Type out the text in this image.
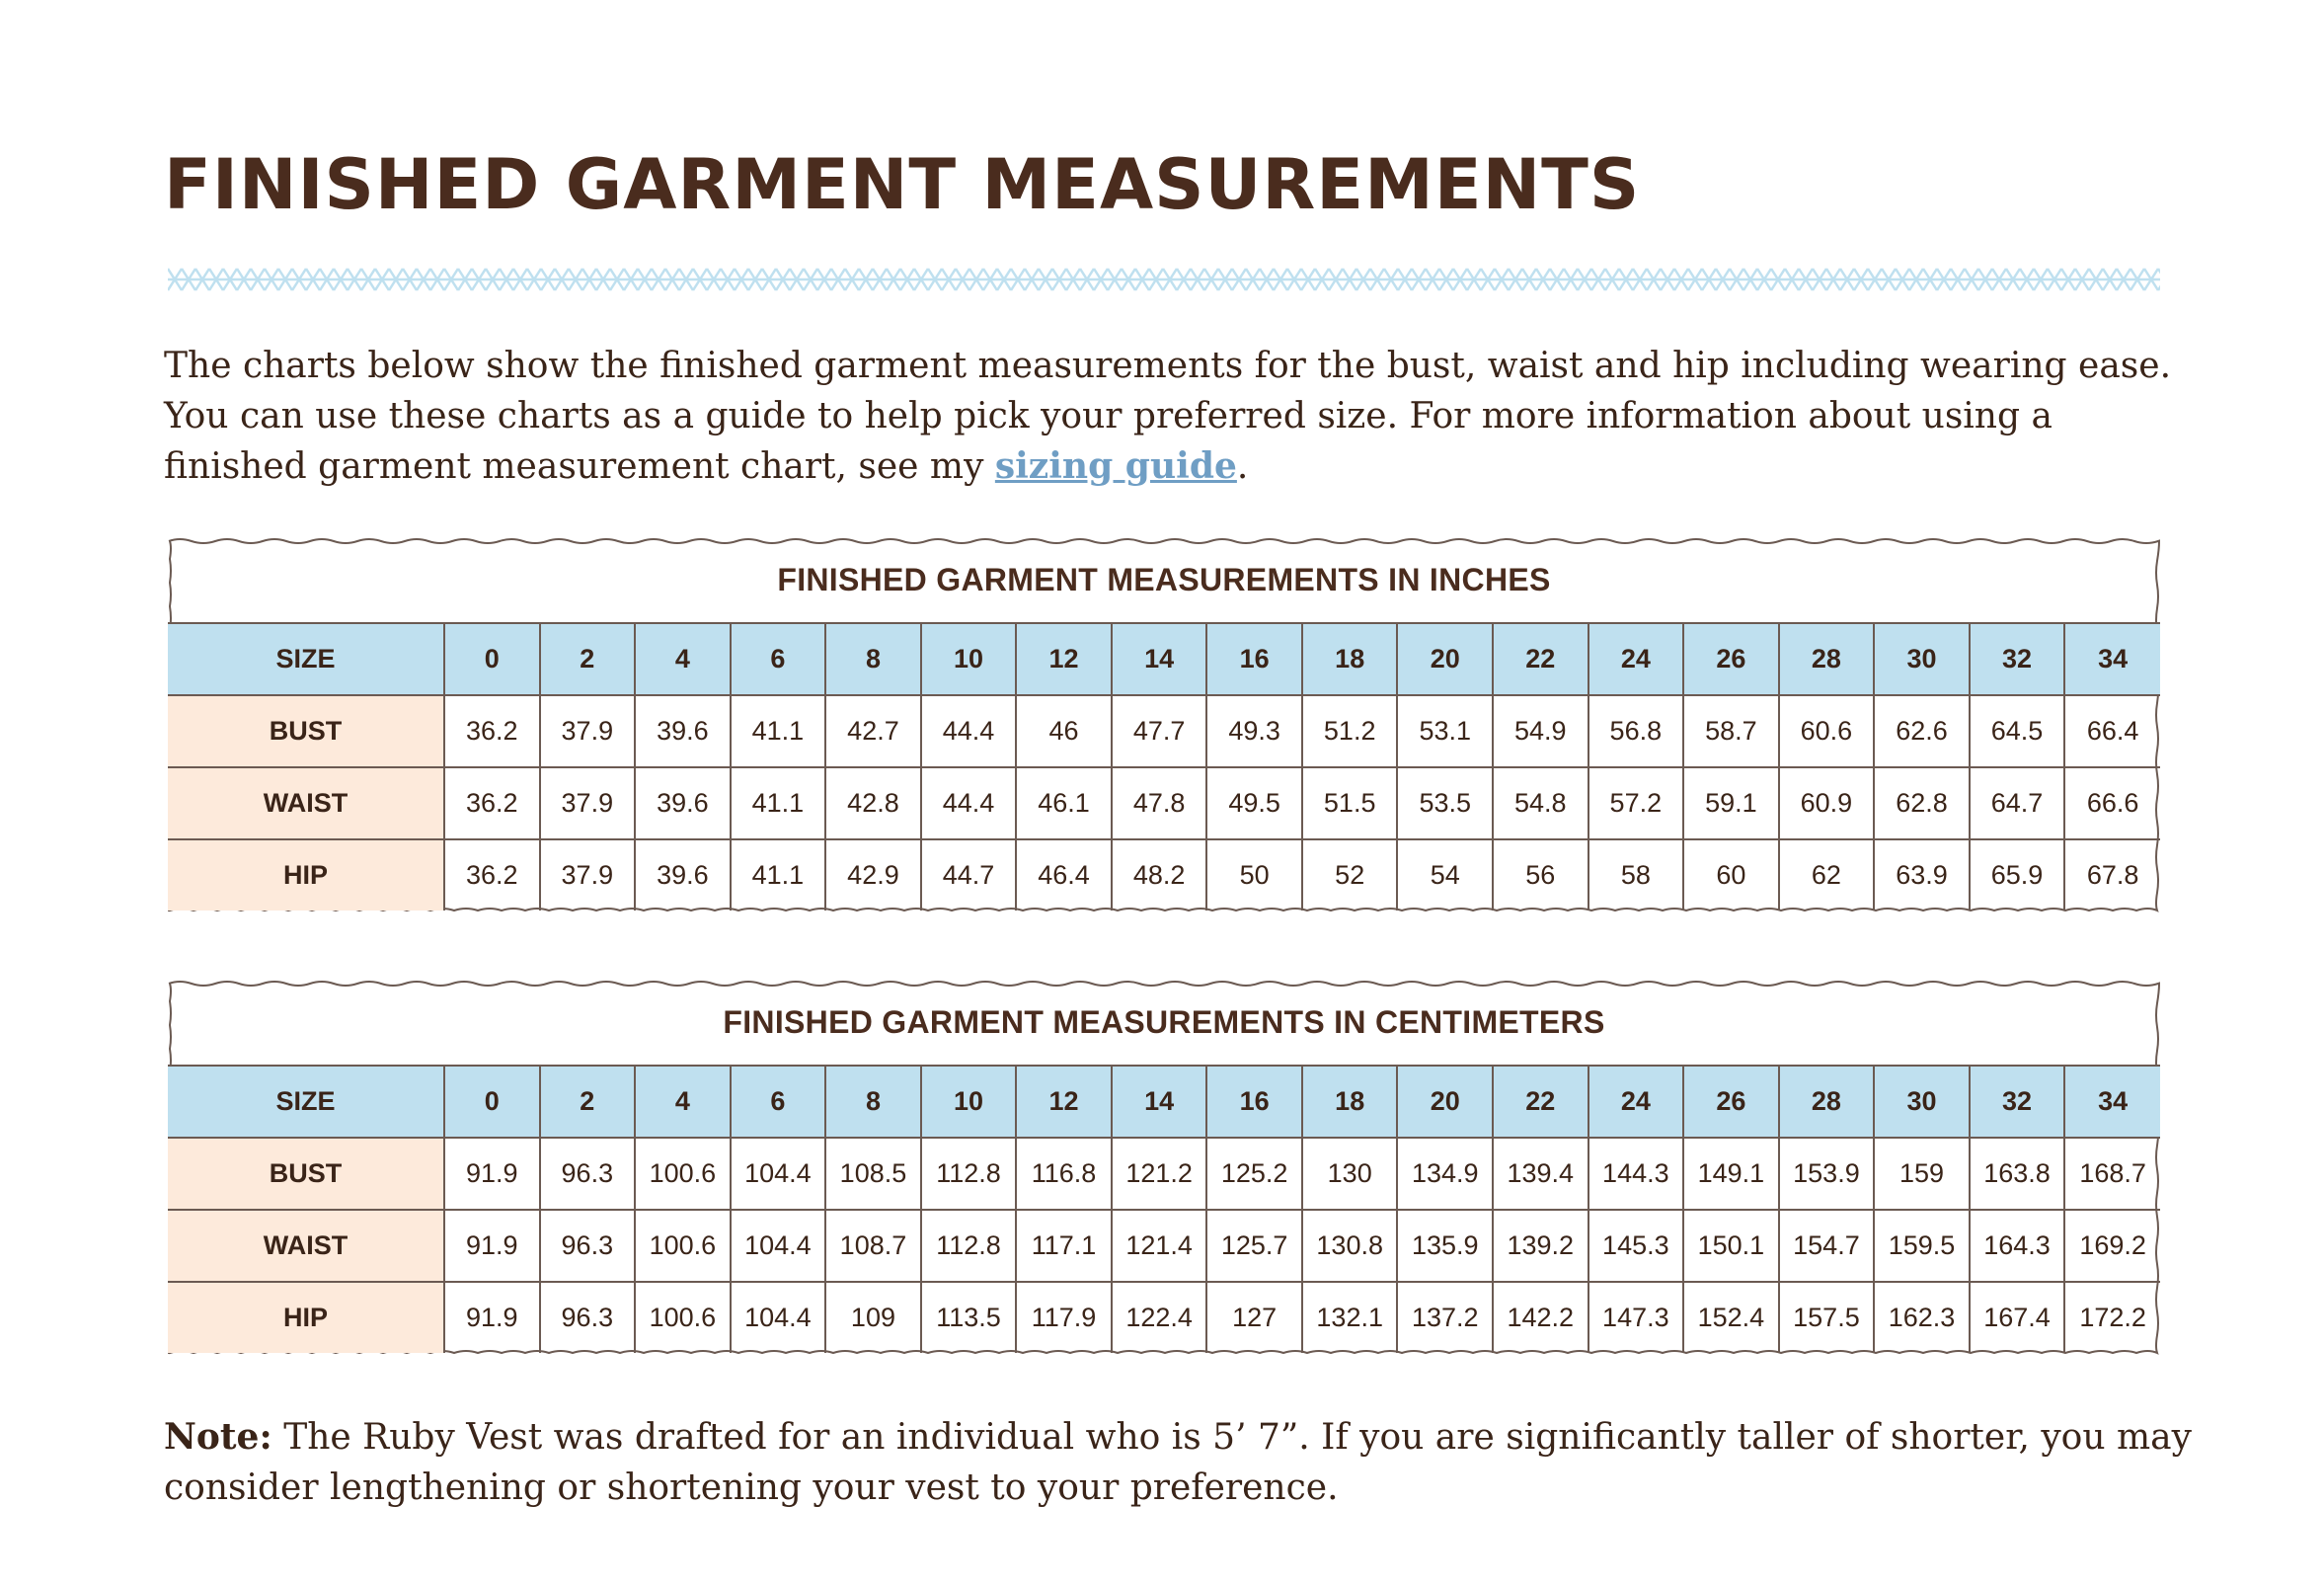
FINISHED GARMENT MEASUREMENTS

The charts below show the finished garment measurements for the bust, waist and hip including wearing ease. You can use these charts as a guide to help pick your preferred size. For more information about using a finished garment measurement chart, see my sizing guide.

FINISHED GARMENT MEASUREMENTS IN INCHES
SIZE	0	2	4	6	8	10	12	14	16	18	20	22	24	26	28	30	32	34
BUST	36.2	37.9	39.6	41.1	42.7	44.4	46	47.7	49.3	51.2	53.1	54.9	56.8	58.7	60.6	62.6	64.5	66.4
WAIST	36.2	37.9	39.6	41.1	42.8	44.4	46.1	47.8	49.5	51.5	53.5	54.8	57.2	59.1	60.9	62.8	64.7	66.6
HIP	36.2	37.9	39.6	41.1	42.9	44.7	46.4	48.2	50	52	54	56	58	60	62	63.9	65.9	67.8
FINISHED GARMENT MEASUREMENTS IN CENTIMETERS
SIZE	0	2	4	6	8	10	12	14	16	18	20	22	24	26	28	30	32	34
BUST	91.9	96.3	100.6	104.4	108.5	112.8	116.8	121.2	125.2	130	134.9	139.4	144.3	149.1	153.9	159	163.8	168.7
WAIST	91.9	96.3	100.6	104.4	108.7	112.8	117.1	121.4	125.7	130.8	135.9	139.2	145.3	150.1	154.7	159.5	164.3	169.2
HIP	91.9	96.3	100.6	104.4	109	113.5	117.9	122.4	127	132.1	137.2	142.2	147.3	152.4	157.5	162.3	167.4	172.2

Note: The Ruby Vest was drafted for an individual who is 5’ 7”. If you are significantly taller of shorter, you may consider lengthening or shortening your vest to your preference.
